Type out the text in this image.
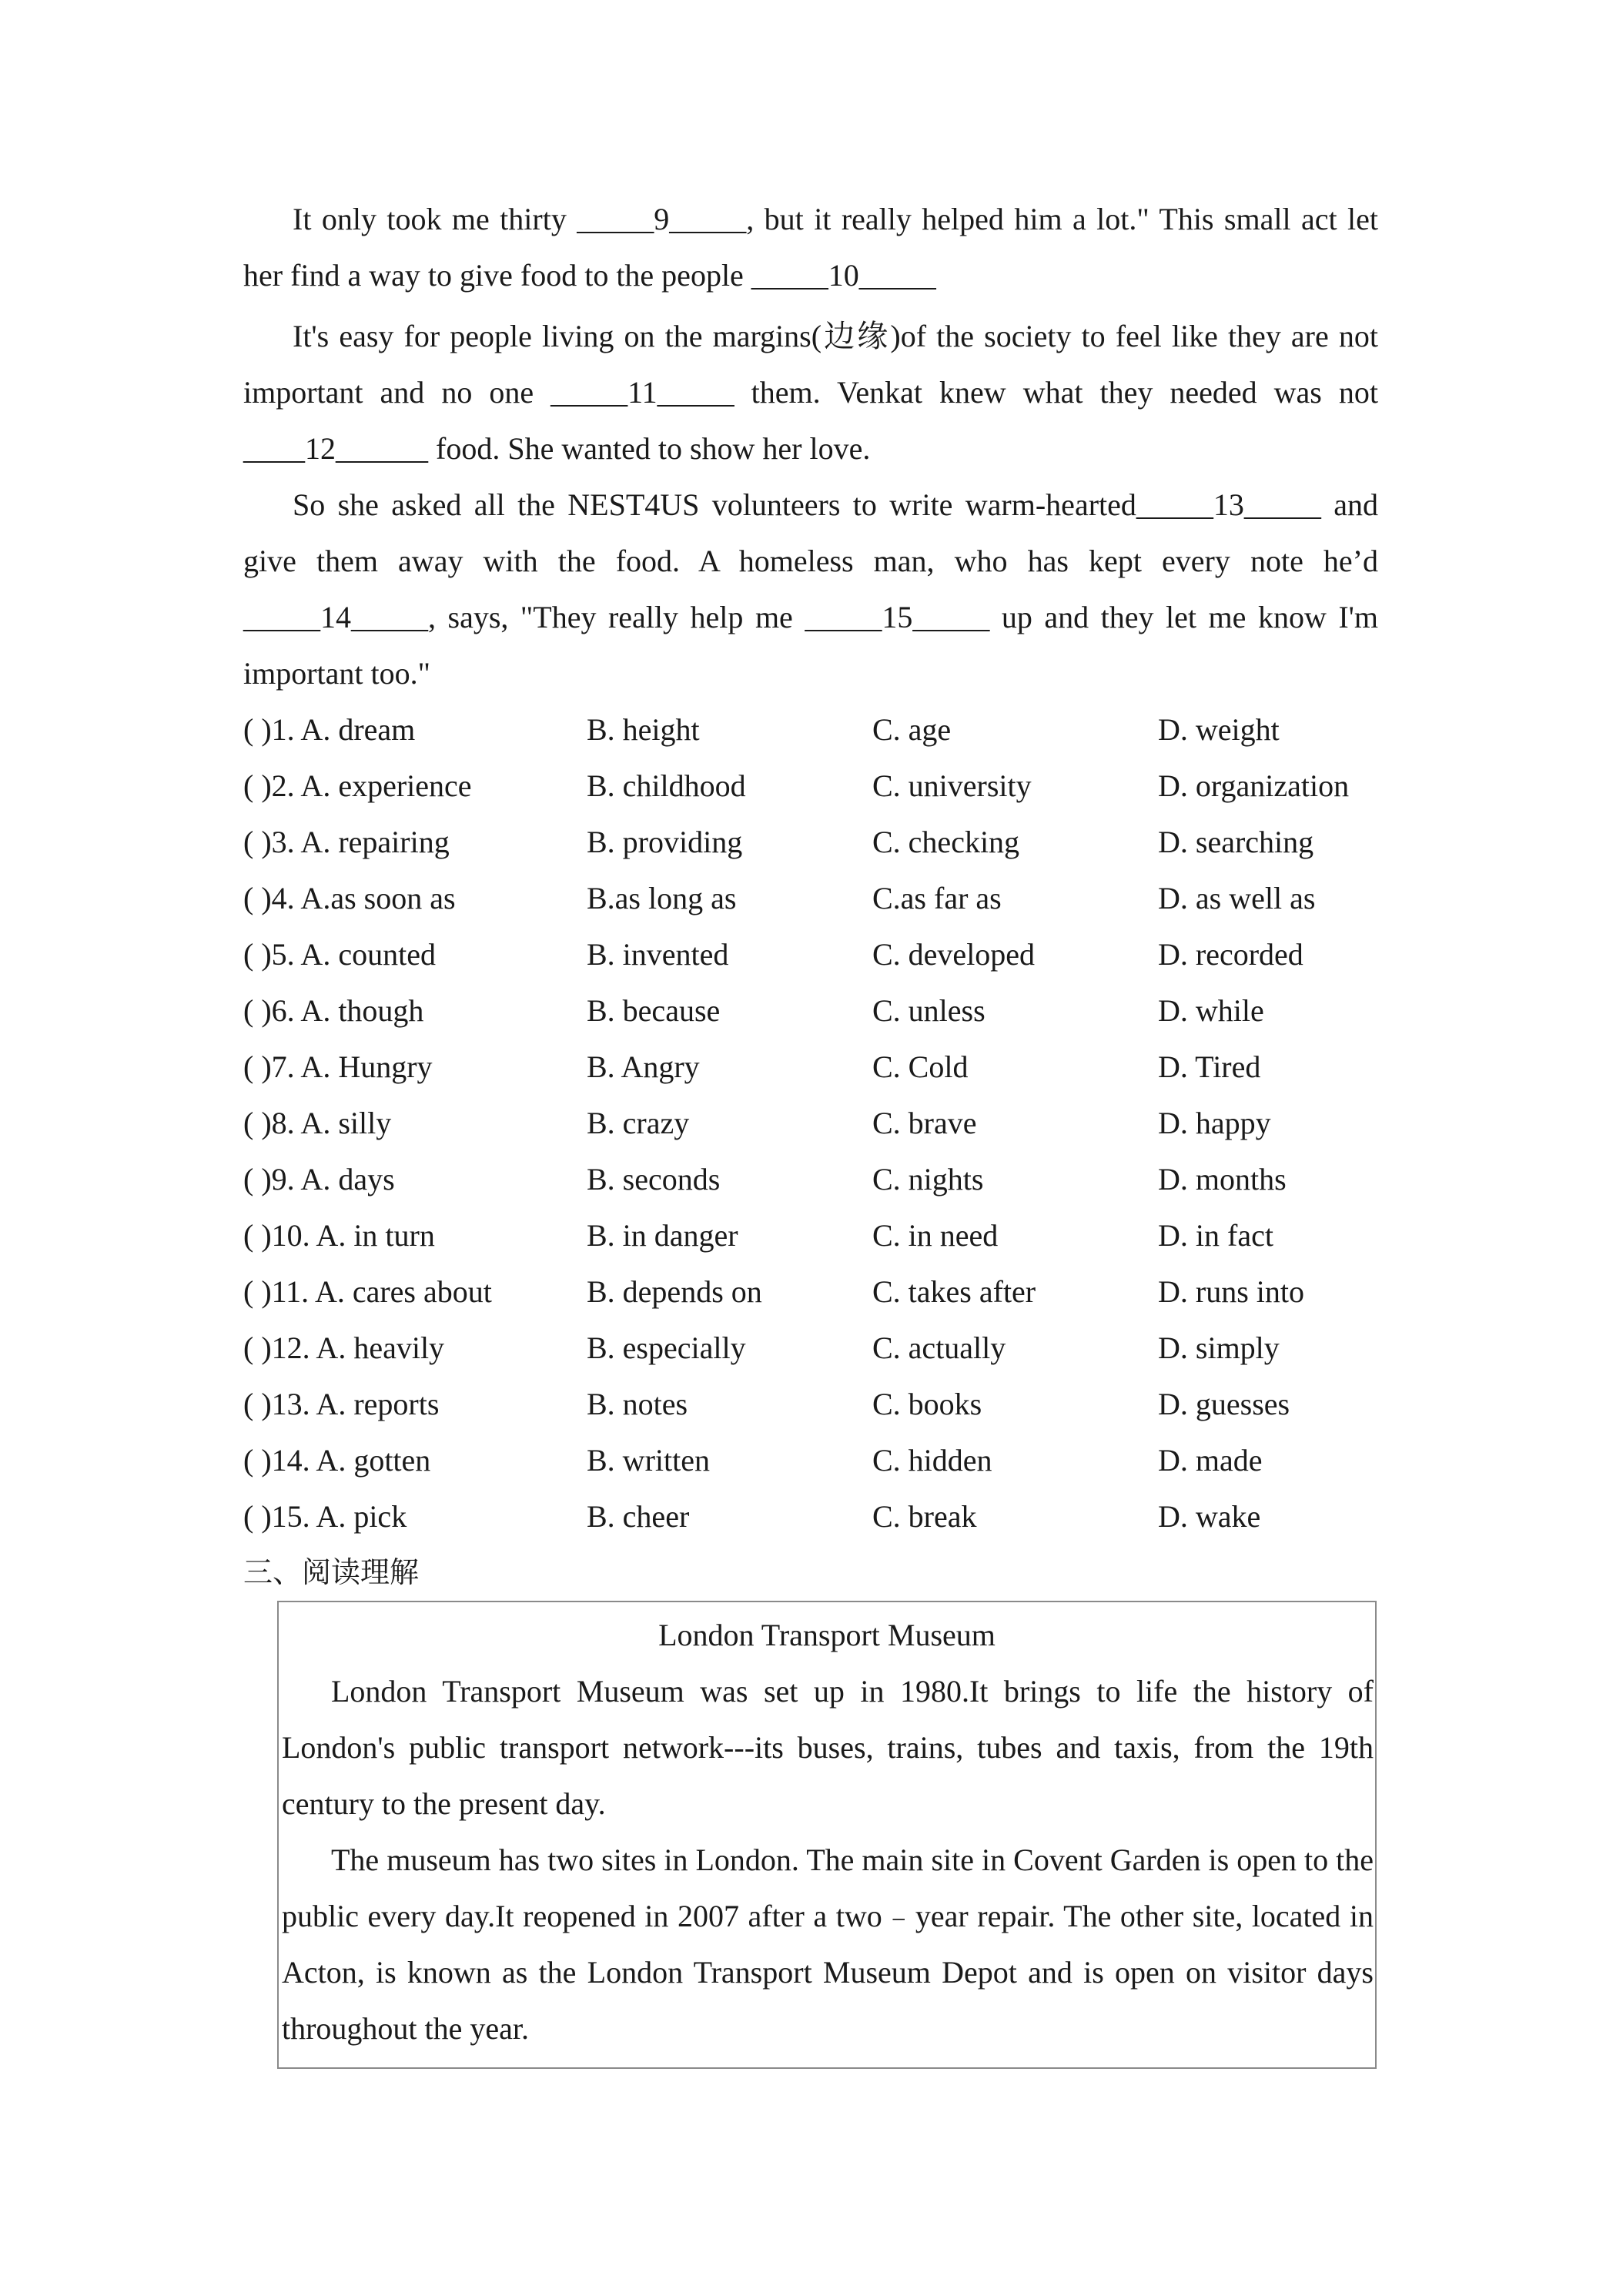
It only took me thirty _____9_____, but it really helped him a lot." This small act let her find a way to give food to the people _____10_____

It's easy for people living on the margins(边缘)of the society to feel like they are not important and no one _____11_____ them. Venkat knew what they needed was not ____12______ food. She wanted to show her love.

So she asked all the NEST4US volunteers to write warm-hearted_____13_____ and give them away with the food. A homeless man, who has kept every note he’d _____14_____, says, "They really help me _____15_____ up and they let me know I'm important too."

( )1. A. dream	B. height	C. age	D. weight
( )2. A. experience	B. childhood	C. university	D. organization
( )3. A. repairing	B. providing	C. checking	D. searching
( )4. A.as soon as	B.as long as	C.as far as	D. as well as
( )5. A. counted	B. invented	C. developed	D. recorded
( )6. A. though	B. because	C. unless	D. while
( )7. A. Hungry	B. Angry	C. Cold	D. Tired
( )8. A. silly	B. crazy	C. brave	D. happy
( )9. A. days	B. seconds	C. nights	D. months
( )10. A. in turn	B. in danger	C. in need	D. in fact
( )11. A. cares about	B. depends on	C. takes after	D. runs into
( )12. A. heavily	B. especially	C. actually	D. simply
( )13. A. reports	B. notes	C. books	D. guesses
( )14. A. gotten	B. written	C. hidden	D. made
( )15. A. pick	B. cheer	C. break	D. wake

三、阅读理解

London Transport Museum

London Transport Museum was set up in 1980.It brings to life the history of London's public transport network---its buses, trains, tubes and taxis, from the 19th century to the present day.

The museum has two sites in London. The main site in Covent Garden is open to the public every day.It reopened in 2007 after a two﹣year repair. The other site, located in Acton, is known as the London Transport Museum Depot and is open on visitor days throughout the year.
